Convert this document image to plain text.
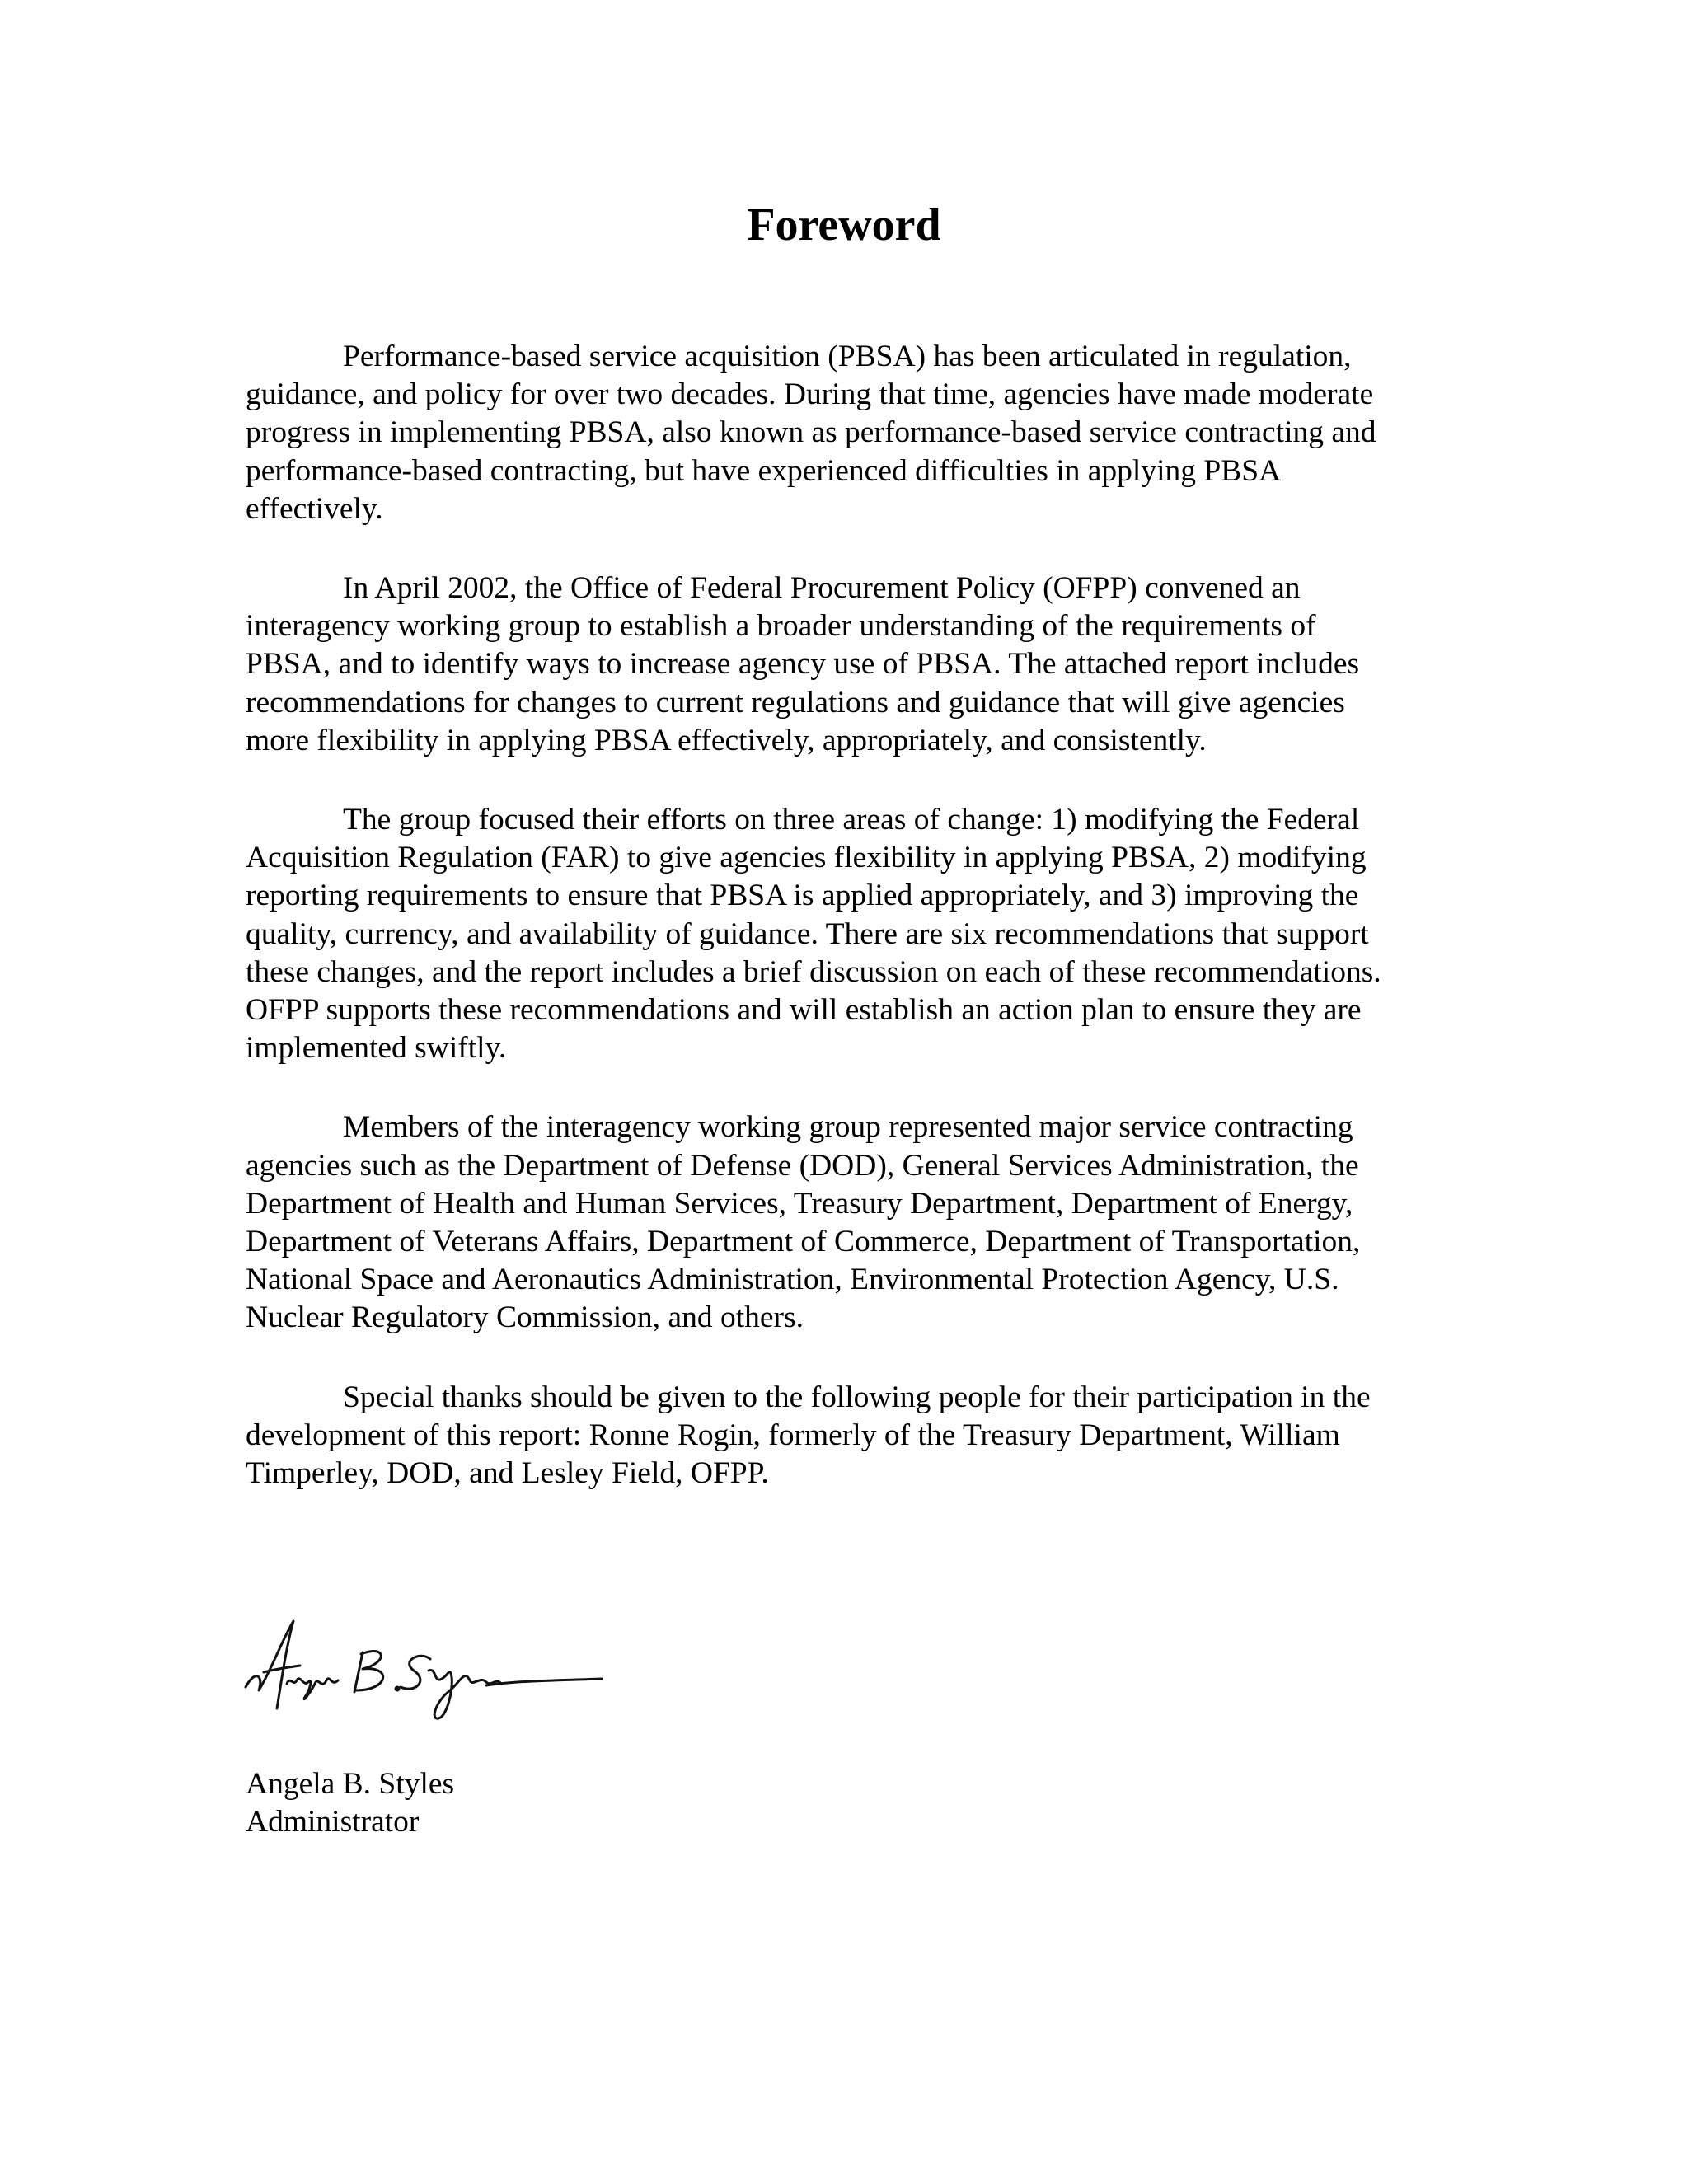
Foreword

Performance-based service acquisition (PBSA) has been articulated in regulation,
guidance, and policy for over two decades. During that time, agencies have made moderate
progress in implementing PBSA, also known as performance-based service contracting and
performance-based contracting, but have experienced difficulties in applying PBSA
effectively.

In April 2002, the Office of Federal Procurement Policy (OFPP) convened an
interagency working group to establish a broader understanding of the requirements of
PBSA, and to identify ways to increase agency use of PBSA. The attached report includes
recommendations for changes to current regulations and guidance that will give agencies
more flexibility in applying PBSA effectively, appropriately, and consistently.

The group focused their efforts on three areas of change: 1) modifying the Federal
Acquisition Regulation (FAR) to give agencies flexibility in applying PBSA, 2) modifying
reporting requirements to ensure that PBSA is applied appropriately, and 3) improving the
quality, currency, and availability of guidance. There are six recommendations that support
these changes, and the report includes a brief discussion on each of these recommendations.
OFPP supports these recommendations and will establish an action plan to ensure they are
implemented swiftly.

Members of the interagency working group represented major service contracting
agencies such as the Department of Defense (DOD), General Services Administration, the
Department of Health and Human Services, Treasury Department, Department of Energy,
Department of Veterans Affairs, Department of Commerce, Department of Transportation,
National Space and Aeronautics Administration, Environmental Protection Agency, U.S.
Nuclear Regulatory Commission, and others.

Special thanks should be given to the following people for their participation in the
development of this report: Ronne Rogin, formerly of the Treasury Department, William
Timperley, DOD, and Lesley Field, OFPP.

Angela B. Styles
Administrator
